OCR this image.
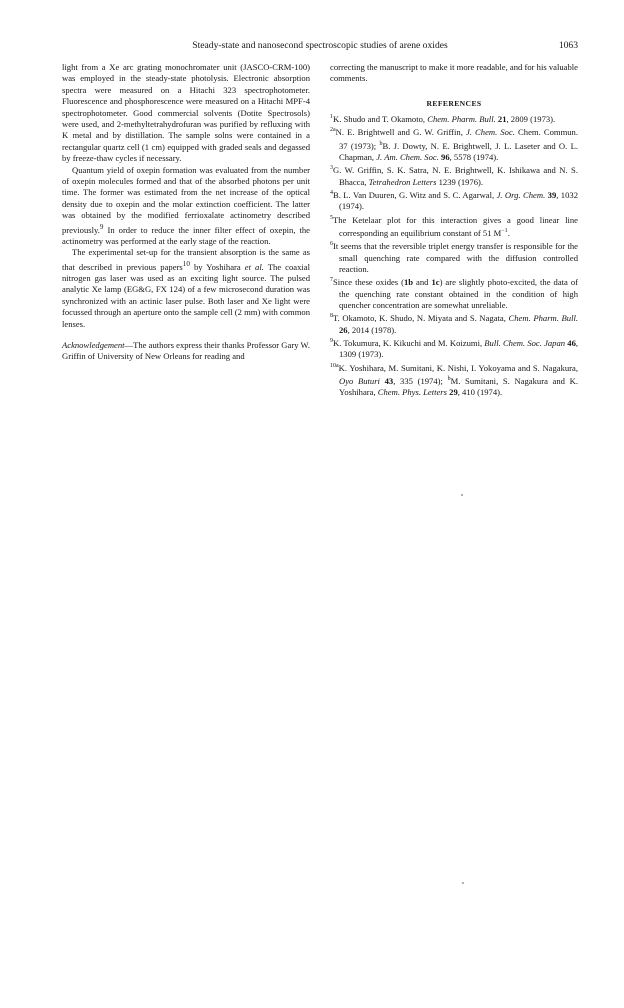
Steady-state and nanosecond spectroscopic studies of arene oxides	1063

light from a Xe arc grating monochromater unit (JASCO-CRM-100) was employed in the steady-state photolysis. Electronic absorption spectra were measured on a Hitachi 323 spectrophotometer. Fluorescence and phosphorescence were measured on a Hitachi MPF-4 spectrophotometer. Good commercial solvents (Dotite Spectrosols) were used, and 2-methyltetrahydrofuran was purified by refluxing with K metal and by distillation. The sample solns were contained in a rectangular quartz cell (1 cm) equipped with graded seals and degassed by freeze-thaw cycles if necessary.

Quantum yield of oxepin formation was evaluated from the number of oxepin molecules formed and that of the absorbed photons per unit time. The former was estimated from the net increase of the optical density due to oxepin and the molar extinction coefficient. The latter was obtained by the modified ferrioxalate actinometry described previously.$^9$ In order to reduce the inner filter effect of oxepin, the actinometry was performed at the early stage of the reaction.

The experimental set-up for the transient absorption is the same as that described in previous papers$^{10}$ by Yoshihara et al. The coaxial nitrogen gas laser was used as an exciting light source. The pulsed analytic Xe lamp (EG&G, FX 124) of a few microsecond duration was synchronized with an actinic laser pulse. Both laser and Xe light were focussed through an aperture onto the sample cell (2 mm) with common lenses.

Acknowledgement—The authors express their thanks Professor Gary W. Griffin of University of New Orleans for reading and

correcting the manuscript to make it more readable, and for his valuable comments.

REFERENCES

$^1$K. Shudo and T. Okamoto, Chem. Pharm. Bull. 21, 2809 (1973).

$^{2a}$N. E. Brightwell and G. W. Griffin, J. Chem. Soc. Chem. Commun. 37 (1973); $^b$B. J. Dowty, N. E. Brightwell, J. L. Laseter and O. L. Chapman, J. Am. Chem. Soc. 96, 5578 (1974).

$^3$G. W. Griffin, S. K. Satra, N. E. Brightwell, K. Ishikawa and N. S. Bhacca, Tetrahedron Letters 1239 (1976).

$^4$B. L. Van Duuren, G. Witz and S. C. Agarwal, J. Org. Chem. 39, 1032 (1974).

$^5$The Ketelaar plot for this interaction gives a good linear line corresponding an equilibrium constant of 51 $M^{-1}$.

$^6$It seems that the reversible triplet energy transfer is responsible for the small quenching rate compared with the diffusion controlled reaction.

$^7$Since these oxides (1b and 1c) are slightly photo-excited, the data of the quenching rate constant obtained in the condition of high quencher concentration are somewhat unreliable.

$^8$T. Okamoto, K. Shudo, N. Miyata and S. Nagata, Chem. Pharm. Bull. 26, 2014 (1978).

$^9$K. Tokumura, K. Kikuchi and M. Koizumi, Bull. Chem. Soc. Japan 46, 1309 (1973).

$^{10a}$K. Yoshihara, M. Sumitani, K. Nishi, I. Yokoyama and S. Nagakura, Oyo Buturi 43, 335 (1974); $^b$M. Sumitani, S. Nagakura and K. Yoshihara, Chem. Phys. Letters 29, 410 (1974).
